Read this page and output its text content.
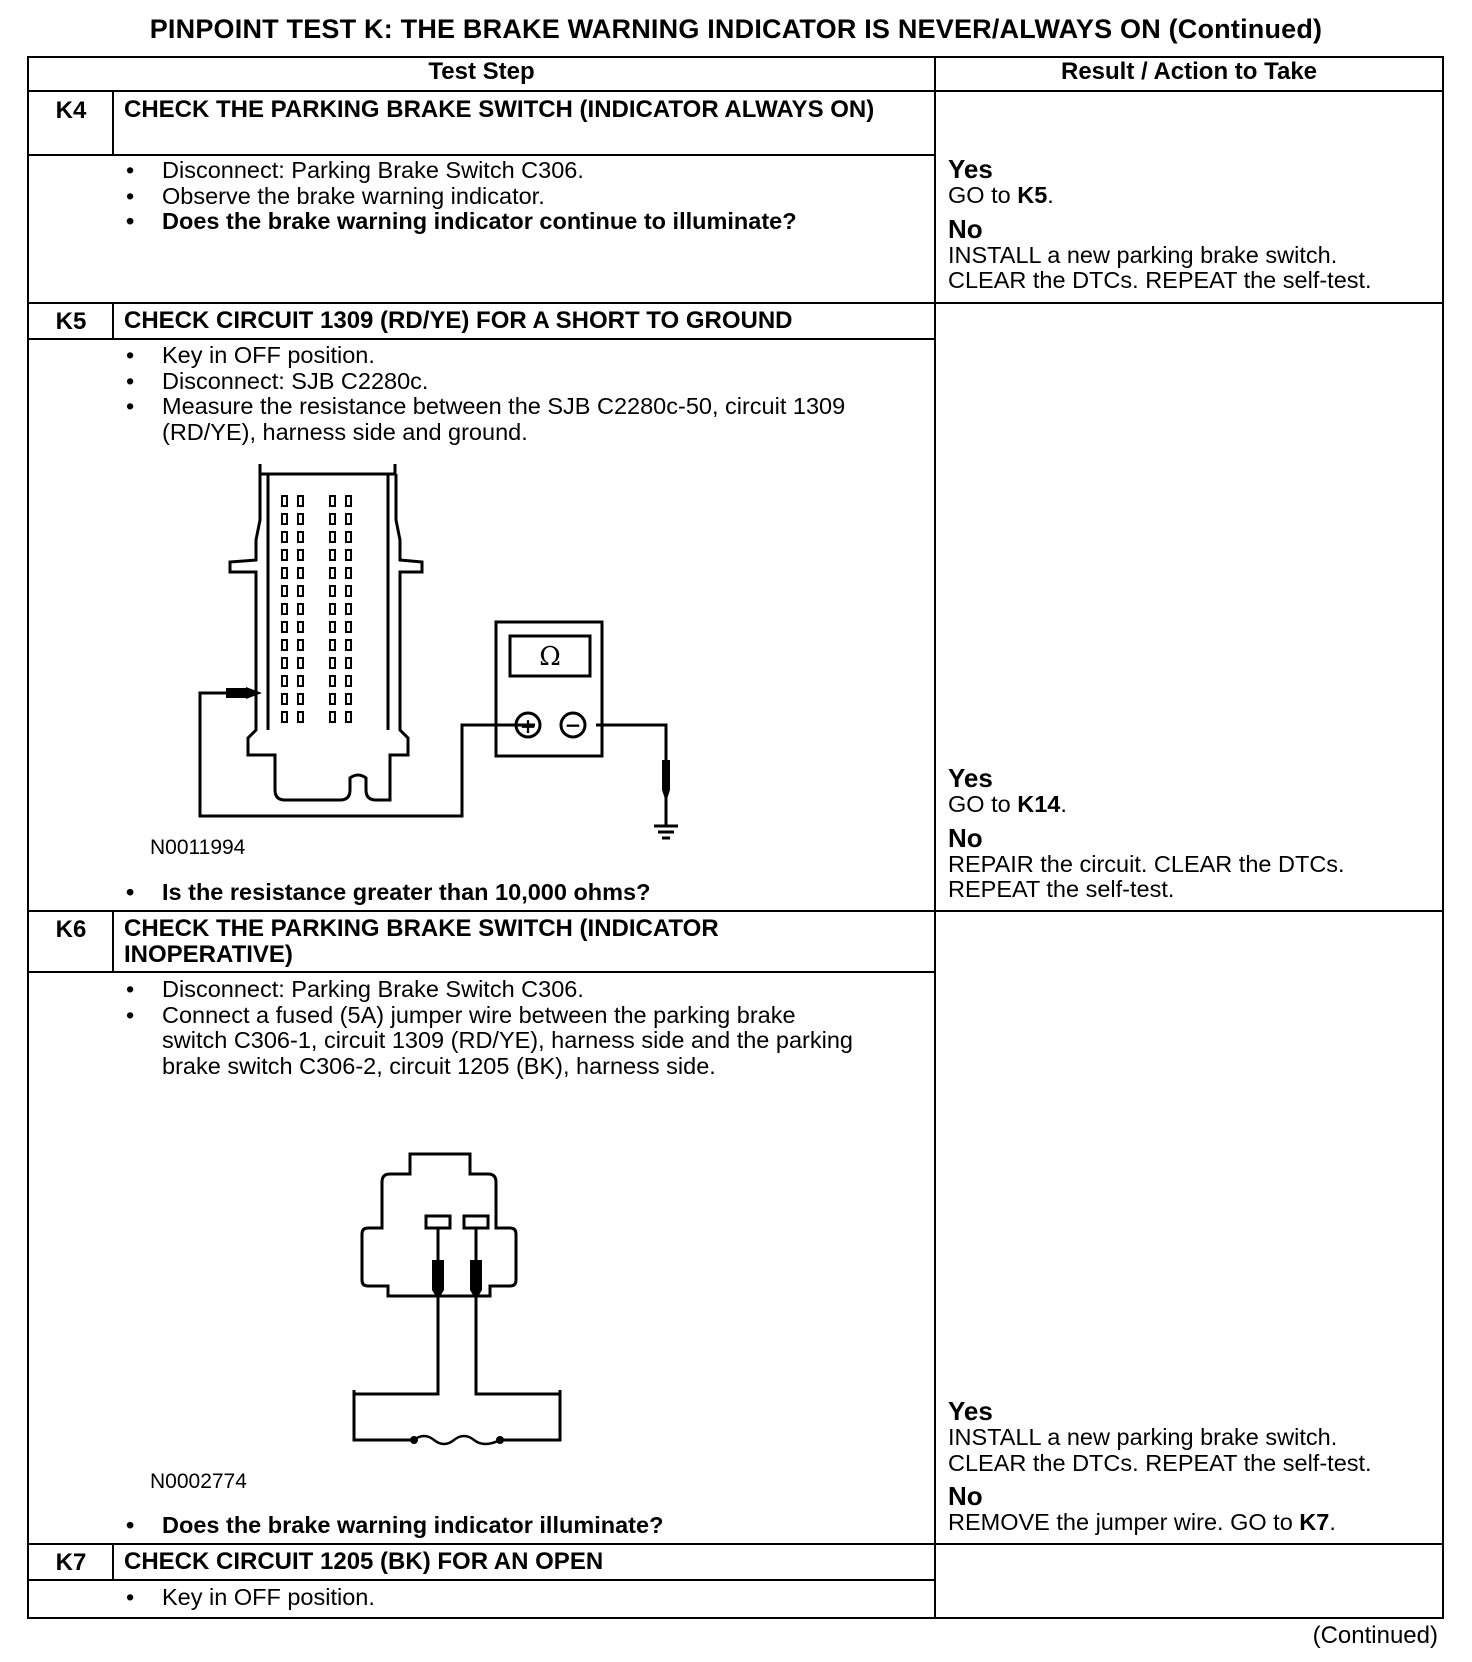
PINPOINT TEST K: THE BRAKE WARNING INDICATOR IS NEVER/ALWAYS ON (Continued)
Test Step	Result / Action to Take
K4	CHECK THE PARKING BRAKE SWITCH (INDICATOR ALWAYS ON)
• Disconnect: Parking Brake Switch C306.
• Observe the brake warning indicator.
• Does the brake warning indicator continue to illuminate?
Yes
GO to K5.
No
INSTALL a new parking brake switch. CLEAR the DTCs. REPEAT the self-test.
K5	CHECK CIRCUIT 1309 (RD/YE) FOR A SHORT TO GROUND
• Key in OFF position.
• Disconnect: SJB C2280c.
• Measure the resistance between the SJB C2280c-50, circuit 1309 (RD/YE), harness side and ground.
Ω
+ −
N0011994
• Is the resistance greater than 10,000 ohms?
Yes
GO to K14.
No
REPAIR the circuit. CLEAR the DTCs. REPEAT the self-test.
K6	CHECK THE PARKING BRAKE SWITCH (INDICATOR INOPERATIVE)
• Disconnect: Parking Brake Switch C306.
• Connect a fused (5A) jumper wire between the parking brake switch C306-1, circuit 1309 (RD/YE), harness side and the parking brake switch C306-2, circuit 1205 (BK), harness side.
N0002774
• Does the brake warning indicator illuminate?
Yes
INSTALL a new parking brake switch. CLEAR the DTCs. REPEAT the self-test.
No
REMOVE the jumper wire. GO to K7.
K7	CHECK CIRCUIT 1205 (BK) FOR AN OPEN
• Key in OFF position.
(Continued)
